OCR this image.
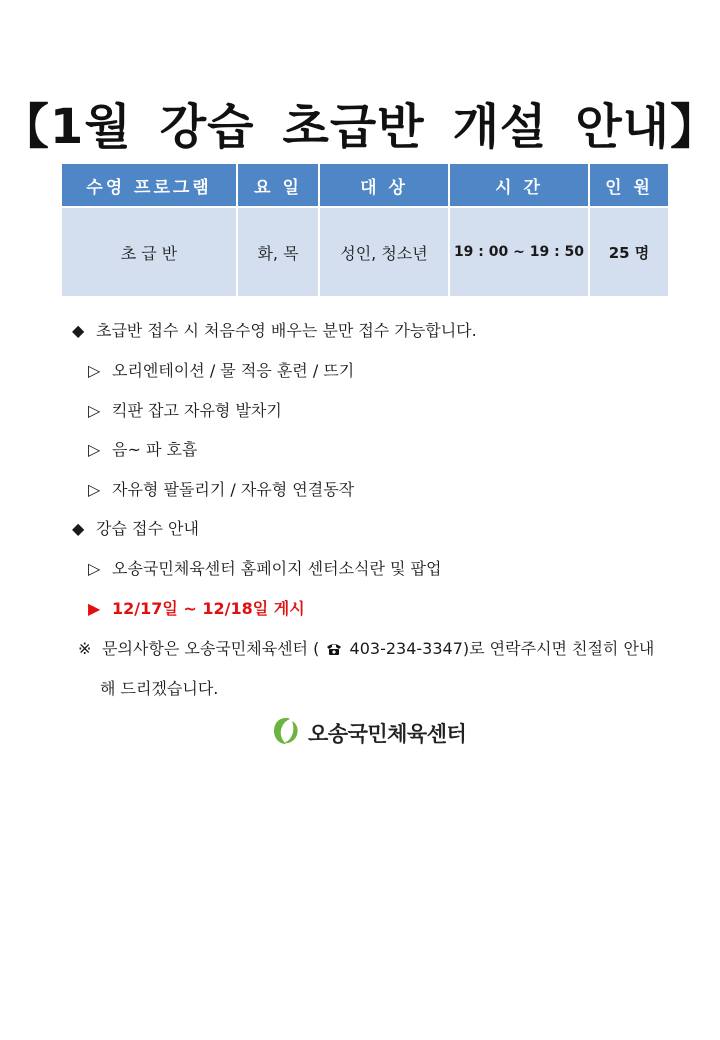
【1월 강습 초급반 개설 안내】
수영 프로그램	요 일	대 상	시 간	인 원
초 급 반	화, 목	성인, 청소년	19 : 00 ~ 19 : 50	25 명
◆ 초급반 접수 시 처음수영 배우는 분만 접수 가능합니다.
▷ 오리엔테이션 / 물 적응 훈련 / 뜨기
▷ 킥판 잡고 자유형 발차기
▷ 음~ 파 호흡
▷ 자유형 팔돌리기 / 자유형 연결동작
◆ 강습 접수 안내
▷ 오송국민체육센터 홈페이지 센터소식란 및 팝업
▶ 12/17일 ~ 12/18일 게시
※ 문의사항은 오송국민체육센터 ( 403-234-3347)로 연락주시면 친절히 안내
해 드리겠습니다.
오송국민체육센터
